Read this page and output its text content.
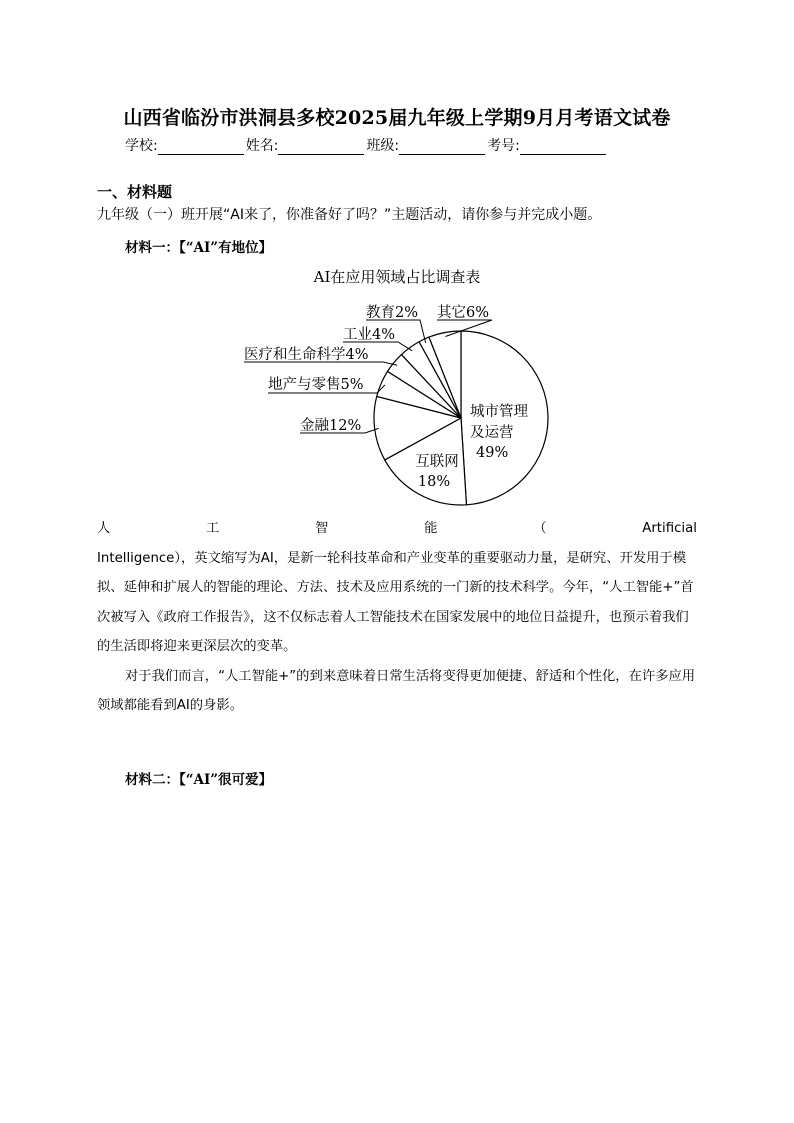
山西省临汾市洪洞县多校2025届九年级上学期9月月考语文试卷
学校:	姓名:	班级:	考号:
一、材料题
九年级（一）班开展“AI来了，你准备好了吗？”主题活动，请你参与并完成小题。
材料一：【“AI”有地位】
AI在应用领域占比调查表
城市管理
及运营
49%
互联网
18%
金融12%
地产与零售5%
医疗和生命科学4%
工业4%
教育2% 其它6%
人	工	智	能	（	Artificial

Intelligence），英文缩写为AI，是新一轮科技革命和产业变革的重要驱动力量，是研究、开发用于模拟、延伸和扩展人的智能的理论、方法、技术及应用系统的一门新的技术科学。今年，“人工智能+”首次被写入《政府工作报告》，这不仅标志着人工智能技术在国家发展中的地位日益提升，也预示着我们的生活即将迎来更深层次的变革。

对于我们而言，“人工智能+”的到来意味着日常生活将变得更加便捷、舒适和个性化，在许多应用领域都能看到AI的身影。

材料二：【“AI”很可爱】
